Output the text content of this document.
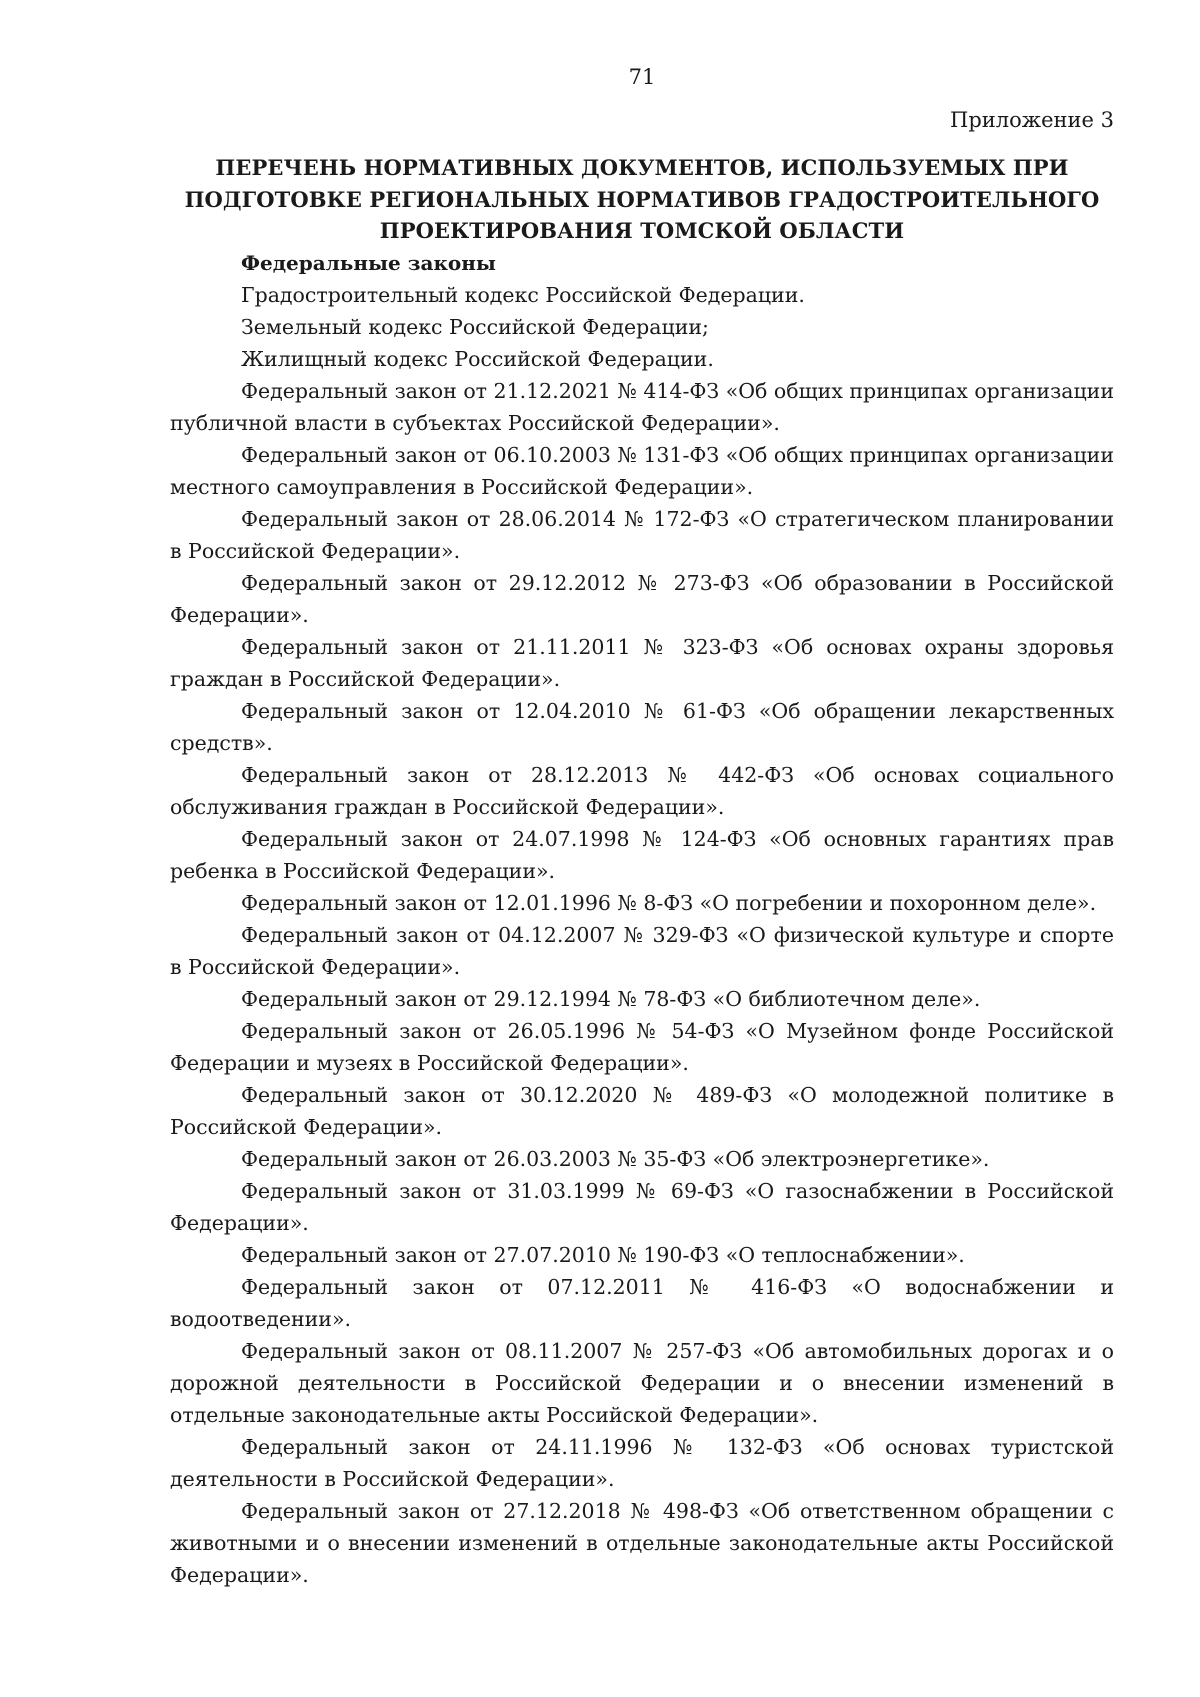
71

Приложение 3

ПЕРЕЧЕНЬ НОРМАТИВНЫХ ДОКУМЕНТОВ, ИСПОЛЬЗУЕМЫХ ПРИ ПОДГОТОВКЕ РЕГИОНАЛЬНЫХ НОРМАТИВОВ ГРАДОСТРОИТЕЛЬНОГО ПРОЕКТИРОВАНИЯ ТОМСКОЙ ОБЛАСТИ

Федеральные законы

Градостроительный кодекс Российской Федерации.

Земельный кодекс Российской Федерации;

Жилищный кодекс Российской Федерации.

Федеральный закон от 21.12.2021 № 414-ФЗ «Об общих принципах организации публичной власти в субъектах Российской Федерации».

Федеральный закон от 06.10.2003 № 131-ФЗ «Об общих принципах организации местного самоуправления в Российской Федерации».

Федеральный закон от 28.06.2014 № 172-ФЗ «О стратегическом планировании в Российской Федерации».

Федеральный закон от 29.12.2012 № 273-ФЗ «Об образовании в Российской Федерации».

Федеральный закон от 21.11.2011 № 323-ФЗ «Об основах охраны здоровья граждан в Российской Федерации».

Федеральный закон от 12.04.2010 № 61-ФЗ «Об обращении лекарственных средств».

Федеральный закон от 28.12.2013 № 442-ФЗ «Об основах социального обслуживания граждан в Российской Федерации».

Федеральный закон от 24.07.1998 № 124-ФЗ «Об основных гарантиях прав ребенка в Российской Федерации».

Федеральный закон от 12.01.1996 № 8-ФЗ «О погребении и похоронном деле».

Федеральный закон от 04.12.2007 № 329-ФЗ «О физической культуре и спорте в Российской Федерации».

Федеральный закон от 29.12.1994 № 78-ФЗ «О библиотечном деле».

Федеральный закон от 26.05.1996 № 54-ФЗ «О Музейном фонде Российской Федерации и музеях в Российской Федерации».

Федеральный закон от 30.12.2020 № 489-ФЗ «О молодежной политике в Российской Федерации».

Федеральный закон от 26.03.2003 № 35-ФЗ «Об электроэнергетике».

Федеральный закон от 31.03.1999 № 69-ФЗ «О газоснабжении в Российской Федерации».

Федеральный закон от 27.07.2010 № 190-ФЗ «О теплоснабжении».

Федеральный закон от 07.12.2011 № 416-ФЗ «О водоснабжении и водоотведении».

Федеральный закон от 08.11.2007 № 257-ФЗ «Об автомобильных дорогах и о дорожной деятельности в Российской Федерации и о внесении изменений в отдельные законодательные акты Российской Федерации».

Федеральный закон от 24.11.1996 № 132-ФЗ «Об основах туристской деятельности в Российской Федерации».

Федеральный закон от 27.12.2018 № 498-ФЗ «Об ответственном обращении с животными и о внесении изменений в отдельные законодательные акты Российской Федерации».
